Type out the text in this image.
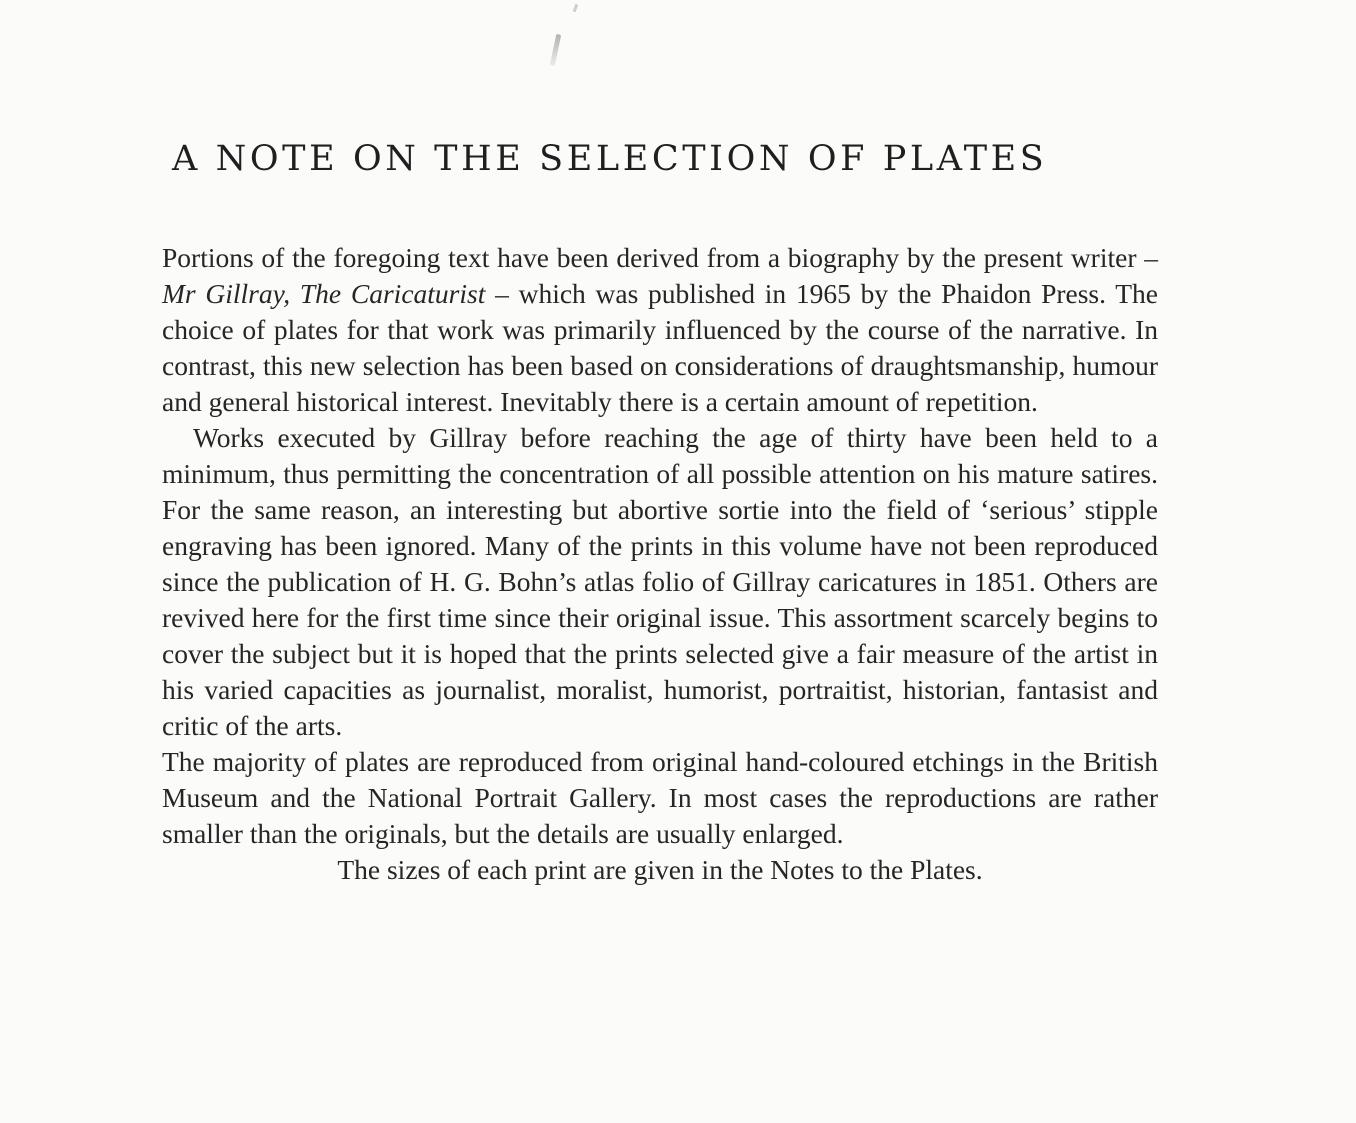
A NOTE ON THE SELECTION OF PLATES

Portions of the foregoing text have been derived from a biography by the present writer – Mr Gillray, The Caricaturist – which was published in 1965 by the Phaidon Press. The choice of plates for that work was primarily influenced by the course of the narrative. In contrast, this new selection has been based on considerations of draughtsmanship, humour and general historical interest. Inevitably there is a certain amount of repetition.

Works executed by Gillray before reaching the age of thirty have been held to a minimum, thus permitting the concentration of all possible attention on his mature satires. For the same reason, an interesting but abortive sortie into the field of ‘serious’ stipple engraving has been ignored. Many of the prints in this volume have not been reproduced since the publication of H. G. Bohn’s atlas folio of Gillray caricatures in 1851. Others are revived here for the first time since their original issue. This assortment scarcely begins to cover the subject but it is hoped that the prints selected give a fair measure of the artist in his varied capacities as journalist, moralist, humorist, portraitist, historian, fantasist and critic of the arts.

The majority of plates are reproduced from original hand-coloured etchings in the British Museum and the National Portrait Gallery. In most cases the reproductions are rather smaller than the originals, but the details are usually enlarged.

The sizes of each print are given in the Notes to the Plates.
